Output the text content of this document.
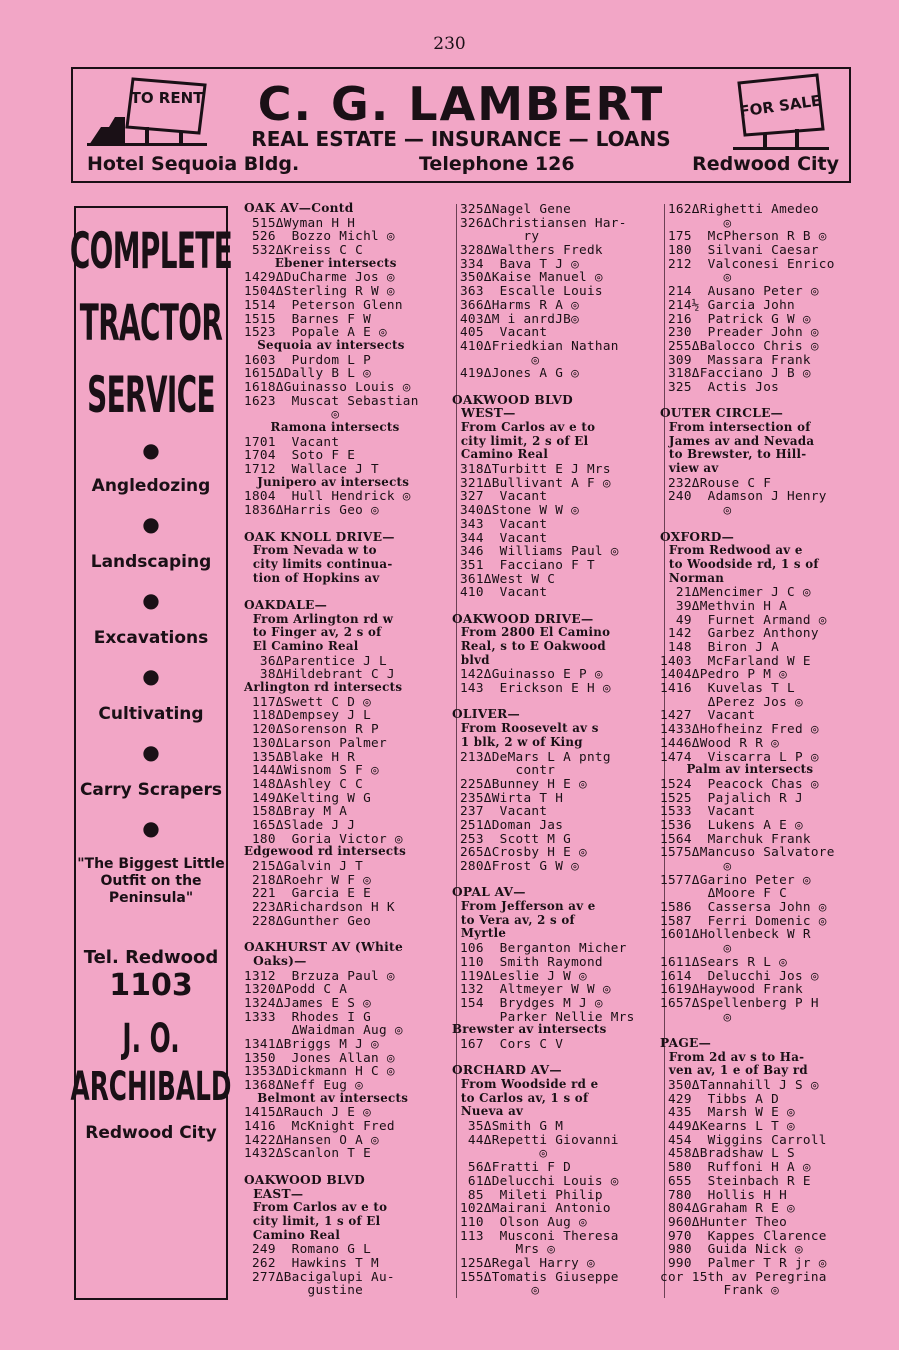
230
TO RENT	FOR SALE
C. G. LAMBERT
REAL ESTATE — INSURANCE — LOANS
Hotel Sequoia Bldg.	Telephone 126	Redwood City
COMPLETE
TRACTOR
SERVICE
●
Angledozing
●
Landscaping
●
Excavations
●
Cultivating
●
Carry Scrapers
●
"The Biggest Little Outfit on the Peninsula"
Tel. Redwood
1103
J. O.
ARCHIBALD
Redwood City
OAK AV—Contd
515ΔWyman H H
526  Bozzo Michl ◎
532ΔKreiss C C
Ebener intersects
1429ΔDuCharme Jos ◎
1504ΔSterling R W ◎
1514  Peterson Glenn
1515  Barnes F W
1523  Popale A E ◎
Sequoia av intersects
1603  Purdom L P
1615ΔDally B L ◎
1618ΔGuinasso Louis ◎
1623  Muscat Sebastian
◎
Ramona intersects
1701  Vacant
1704  Soto F E
1712  Wallace J T
Junipero av intersects
1804  Hull Hendrick ◎
1836ΔHarris Geo ◎
OAK KNOLL DRIVE—
From Nevada w to
city limits continua-
tion of Hopkins av
OAKDALE—
From Arlington rd w
to Finger av, 2 s of
El Camino Real
36ΔParentice J L
38ΔHildebrant C J
Arlington rd intersects
117ΔSwett C D ◎
118ΔDempsey J L
120ΔSorenson R P
130ΔLarson Palmer
135ΔBlake H R
144ΔWisnom S F ◎
148ΔAshley C C
149ΔKelting W G
158ΔBray M A
165ΔSlade J J
180  Goria Victor ◎
Edgewood rd intersects
215ΔGalvin J T
218ΔRoehr W F ◎
221  Garcia E E
223ΔRichardson H K
228ΔGunther Geo
OAKHURST AV (White
Oaks)—
1312  Brzuza Paul ◎
1320ΔPodd C A
1324ΔJames E S ◎
1333  Rhodes I G
ΔWaidman Aug ◎
1341ΔBriggs M J ◎
1350  Jones Allan ◎
1353ΔDickmann H C ◎
1368ΔNeff Eug ◎
Belmont av intersects
1415ΔRauch J E ◎
1416  McKnight Fred
1422ΔHansen O A ◎
1432ΔScanlon T E
OAKWOOD BLVD
EAST—
From Carlos av e to
city limit, 1 s of El
Camino Real
249  Romano G L
262  Hawkins T M
277ΔBacigalupi Au-
gustine
325ΔNagel Gene
326ΔChristiansen Har-
ry
328ΔWalthers Fredk
334  Bava T J ◎
350ΔKaise Manuel ◎
363  Escalle Louis
366ΔHarms R A ◎
403ΔM i anrdJB◎
405  Vacant
410ΔFriedkian Nathan
◎
419ΔJones A G ◎
OAKWOOD BLVD
WEST—
From Carlos av e to
city limit, 2 s of El
Camino Real
318ΔTurbitt E J Mrs
321ΔBullivant A F ◎
327  Vacant
340ΔStone W W ◎
343  Vacant
344  Vacant
346  Williams Paul ◎
351  Facciano F T
361ΔWest W C
410  Vacant
OAKWOOD DRIVE—
From 2800 El Camino
Real, s to E Oakwood
blvd
142ΔGuinasso E P ◎
143  Erickson E H ◎
OLIVER—
From Roosevelt av s
1 blk, 2 w of King
213ΔDeMars L A pntg
contr
225ΔBunney H E ◎
235ΔWirta T H
237  Vacant
251ΔDoman Jas
253  Scott M G
265ΔCrosby H E ◎
280ΔFrost G W ◎
OPAL AV—
From Jefferson av e
to Vera av, 2 s of
Myrtle
106  Berganton Micher
110  Smith Raymond
119ΔLeslie J W ◎
132  Altmeyer W W ◎
154  Brydges M J ◎
Parker Nellie Mrs
Brewster av intersects
167  Cors C V
ORCHARD AV—
From Woodside rd e
to Carlos av, 1 s of
Nueva av
35ΔSmith G M
44ΔRepetti Giovanni
◎
56ΔFratti F D
61ΔDelucchi Louis ◎
85  Mileti Philip
102ΔMairani Antonio
110  Olson Aug ◎
113  Musconi Theresa
Mrs ◎
125ΔRegal Harry ◎
155ΔTomatis Giuseppe
◎
162ΔRighetti Amedeo
◎
175  McPherson R B ◎
180  Silvani Caesar
212  Valconesi Enrico
◎
214  Ausano Peter ◎
214½ Garcia John
216  Patrick G W ◎
230  Preader John ◎
255ΔBalocco Chris ◎
309  Massara Frank
318ΔFacciano J B ◎
325  Actis Jos
OUTER CIRCLE—
From intersection of
James av and Nevada
to Brewster, to Hill-
view av
232ΔRouse C F
240  Adamson J Henry
◎
OXFORD—
From Redwood av e
to Woodside rd, 1 s of
Norman
21ΔMencimer J C ◎
39ΔMethvin H A
49  Furnet Armand ◎
142  Garbez Anthony
148  Biron J A
1403  McFarland W E
1404ΔPedro P M ◎
1416  Kuvelas T L
ΔPerez Jos ◎
1427  Vacant
1433ΔHofheinz Fred ◎
1446ΔWood R R ◎
1474  Viscarra L P ◎
Palm av intersects
1524  Peacock Chas ◎
1525  Pajalich R J
1533  Vacant
1536  Lukens A E ◎
1564  Marchuk Frank
1575ΔMancuso Salvatore
◎
1577ΔGarino Peter ◎
ΔMoore F C
1586  Cassersa John ◎
1587  Ferri Domenic ◎
1601ΔHollenbeck W R
◎
1611ΔSears R L ◎
1614  Delucchi Jos ◎
1619ΔHaywood Frank
1657ΔSpellenberg P H
◎
PAGE—
From 2d av s to Ha-
ven av, 1 e of Bay rd
350ΔTannahill J S ◎
429  Tibbs A D
435  Marsh W E ◎
449ΔKearns L T ◎
454  Wiggins Carroll
458ΔBradshaw L S
580  Ruffoni H A ◎
655  Steinbach R E
780  Hollis H H
804ΔGraham R E ◎
960ΔHunter Theo
970  Kappes Clarence
980  Guida Nick ◎
990  Palmer T R jr ◎
cor 15th av Peregrina
Frank ◎
